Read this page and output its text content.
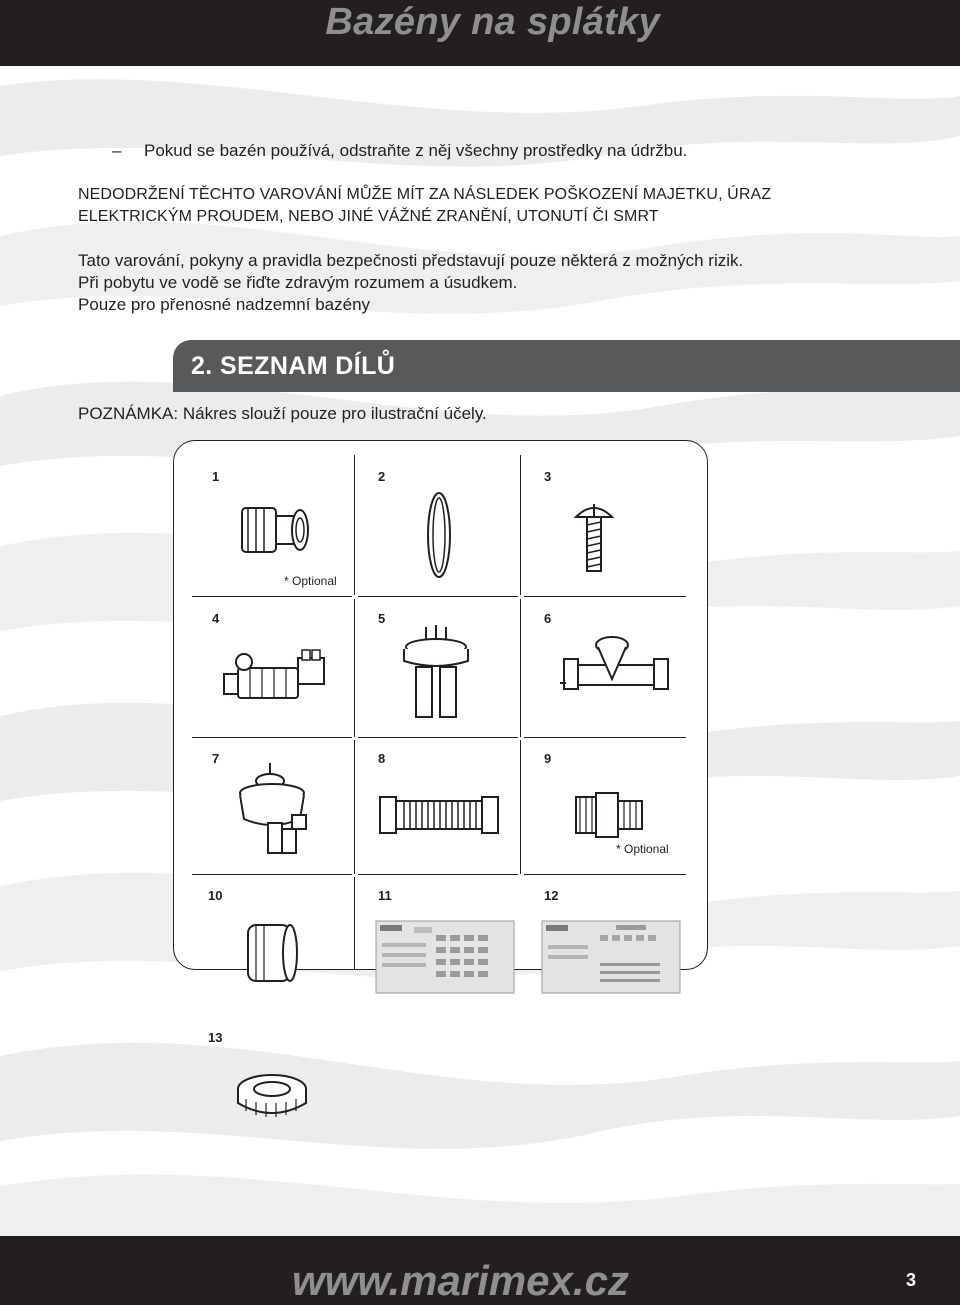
Bazény na splátky
– Pokud se bazén používá, odstraňte z něj všechny prostředky na údržbu.
NEDODRŽENÍ TĚCHTO VAROVÁNÍ MŮŽE MÍT ZA NÁSLEDEK POŠKOZENÍ MAJETKU, ÚRAZ
ELEKTRICKÝM PROUDEM, NEBO JINÉ VÁŽNÉ ZRANĚNÍ, UTONUTÍ ČI SMRT
Tato varování, pokyny a pravidla bezpečnosti představují pouze některá z možných rizik.
Při pobytu ve vodě se řiďte zdravým rozumem a úsudkem.
Pouze pro přenosné nadzemní bazény
2. SEZNAM DÍLŮ
POZNÁMKA: Nákres slouží pouze pro ilustrační účely.
1	2	3
4	5	6
7	8	9
10	11	12
13
* Optional
* Optional
www.marimex.cz	3
